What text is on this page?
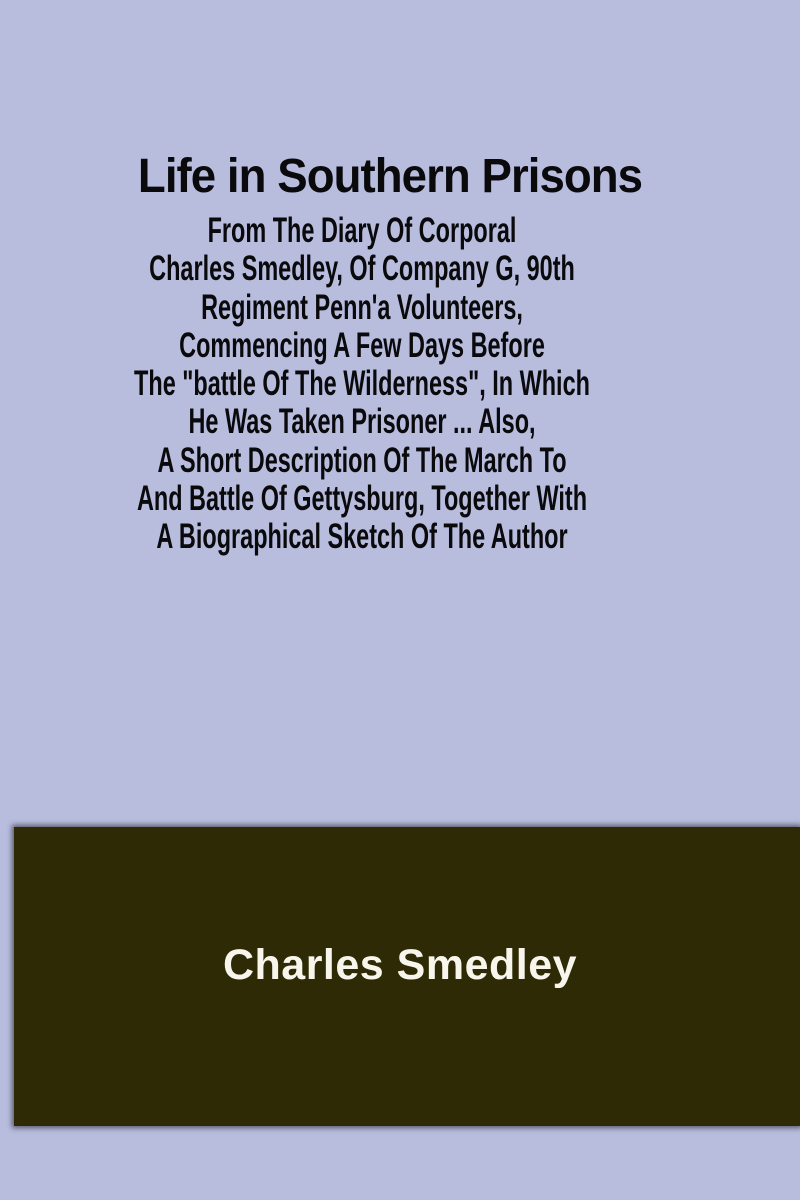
Life in Southern Prisons
From The Diary Of Corporal
Charles Smedley, Of Company G, 90th
Regiment Penn'a Volunteers,
Commencing A Few Days Before
The "battle Of The Wilderness", In Which
He Was Taken Prisoner ... Also,
A Short Description Of The March To
And Battle Of Gettysburg, Together With
A Biographical Sketch Of The Author
Charles Smedley
